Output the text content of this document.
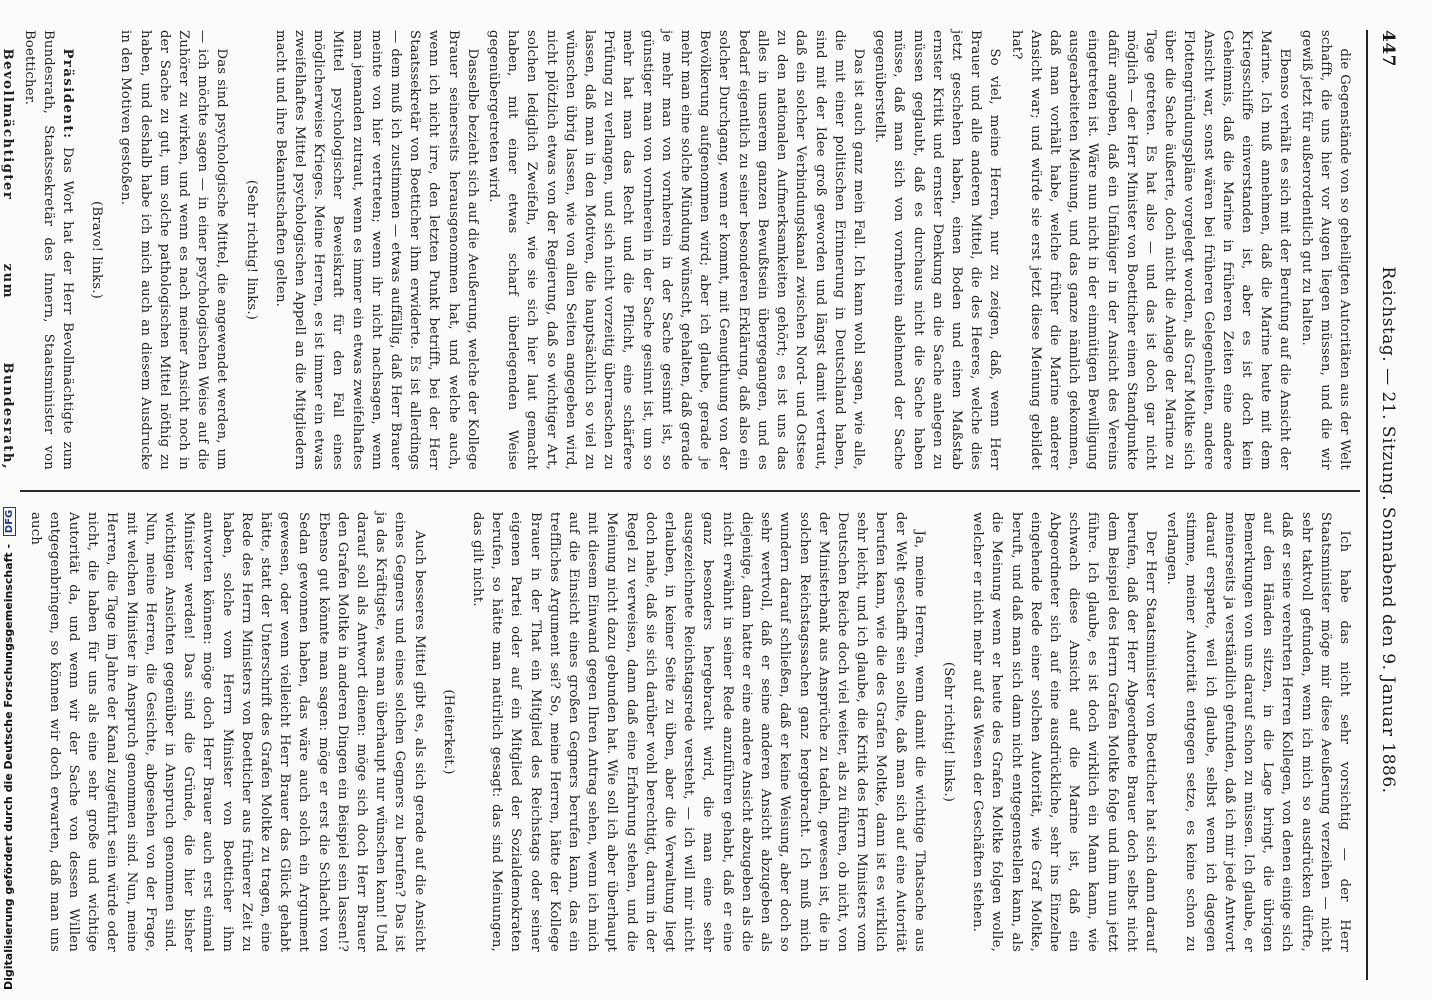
447
Reichstag. — 21. Sitzung. Sonnabend den 9. Januar 1886.

die Gegenstände von so geheiligten Autoritäten aus der Welt schafft, die uns hier vor Augen liegen müssen, und die wir gewiß jetzt für außerordentlich gut zu halten.

Ebenso verhält es sich mit der Berufung auf die Ansicht der Marine. Ich muß annehmen, daß die Marine heute mit dem Kriegsschiffe einverstanden ist, aber es ist doch kein Geheimnis, daß die Marine in früheren Zeiten eine andere Ansicht war, sonst wären bei früheren Gelegenheiten, andere Flottengründungspläne vorgelegt worden, als Graf Moltke sich über die Sache äußerte, doch nicht die Anlage der Marine zu Tage getreten. Es hat also — und das ist doch gar nicht möglich — der Herr Minister von Boetticher einen Standpunkte dafür angeben, daß ein Unfähiger in der Ansicht des Vereins eingetreten ist. Wäre nun nicht in der einmütigen Bewilligung ausgearbeiteten Meinung, und das ganze nämlich gekommen, daß man vorhält habe, welche früher die Marine anderer Ansicht war; und würde sie erst jetzt diese Meinung gebildet hat?

So viel, meine Herren, nur zu zeigen, daß, wenn Herr Brauer und alle anderen Mittel, die des Heeres, welche dies jetzt geschehen haben, einen Boden und einen Maßstab ernster Kritik und ernster Denkung an die Sache anlegen zu müssen geglaubt, daß es durchaus nicht die Sache haben müsse, daß man sich von vornherein ablehnend der Sache gegenüberstellt.

Das ist auch ganz mein Fall. Ich kann wohl sagen, wie alle, die mit einer politischen Erinnerung in Deutschland haben, sind mit der Idee groß geworden und längst damit vertraut, daß ein solcher Verbindungskanal zwischen Nord- und Ostsee zu den nationalen Aufmerksamkeiten gehört; es ist uns das alles in unserem ganzen Bewußtsein übergegangen, und es bedarf eigentlich zu seiner besonderen Erklärung, daß also ein solcher Durchgang, wenn er kommt, mit Genugthuung von der Bevölkerung aufgenommen wird; aber ich glaube, gerade je mehr man eine solche Mündung wünscht, gehalten, daß gerade je mehr man von vornherein in der Sache gesinnt ist, so günstiger man von vornherein in der Sache gesinnt ist, um so mehr hat man das Recht und die Pflicht, eine schärfere Prüfung zu verlangen, und sich nicht vorzeitig überraschen zu lassen, daß man in den Motiven, die hauptsächlich so viel zu wünschen übrig lassen, wie von allen Seiten angegeben wird, nicht plötzlich etwas von der Regierung, daß so wichtiger Art, solchen lediglich Zweifeln, wie sie sich hier laut gemacht haben, mit einer etwas scharf überlegenden Weise gegenübergetreten wird.

Dasselbe bezieht sich auf die Aeußerung, welche der Kollege Brauer seinerseits herausgenommen hat, und welche auch, wenn ich nicht irre, den letzten Punkt betrifft, bei der Herr Staatssekretär von Boetticher ihm erwiderte. Es ist allerdings — dem muß ich zustimmen — etwas auffällig, daß Herr Brauer meinte von hier vertreten; wenn ihr nicht nachsagen, wenn man jemanden zutraut, wenn es immer ein etwas zweifelhaftes Mittel psychologischer Beweiskraft für den Fall eines möglicherweise Krieges. Meine Herren, es ist immer ein etwas zweifelhaftes Mittel psychologischen Appell an die Mitgliedern macht und ihre Bekanntschaften gelten.

(Sehr richtig! links.)

Das sind psychologische Mittel, die angewendet werden, um — ich möchte sagen — in einer psychologischen Weise auf die Zuhörer zu wirken, und wenn es nach meiner Ansicht noch in der Sache zu gut, um solche pathologischen Mittel nöthig zu haben, und deshalb habe ich mich auch an diesem Ausdrucke in den Motiven gestoßen.

(Bravo! links.)

Präsident: Das Wort hat der Herr Bevollmächtigte zum Bundesrath, Staatssekretär des Innern, Staatsminister von Boetticher.

Bevollmächtigter zum Bundesrath,

Ich habe das nicht sehr vorsichtig — der Herr Staatsminister möge mir diese Aeußerung verzeihen — nicht sehr taktvoll gefunden, wenn ich mich so ausdrücken dürfte, daß er seine verehrten Herren Kollegen, von denen einige sich auf den Händen sitzen, in die Lage bringt, die übrigen Bemerkungen von uns darauf schon zu müssen. Ich glaube, er meinerseits ja verständlich gefunden, daß ich mir jede Antwort darauf ersparte, weil ich glaube, selbst wenn ich dagegen stimme, meiner Autorität entgegen setze, es keine schon zu verlangen.

Der Herr Staatsminister von Boetticher hat sich dann darauf berufen, daß der Herr Abgeordnete Brauer doch selbst nicht dem Beispiel des Herrn Grafen Moltke folge und ihm nun jetzt führe. Ich glaube, es ist doch wirklich ein Mann kann, wie schwach diese Ansicht auf die Marine ist, daß ein Abgeordneter sich auf eine ausdrückliche, sehr ins Einzelne eingehende Rede einer solchen Autorität, wie Graf Moltke, beruft, und daß man sich dann nicht entgegenstellen kann, als die Meinung wenn er heute des Grafen Moltke folgen wolle, welcher er nicht mehr auf das Wesen der Geschäften stehen.

(Sehr richtig! links.)

Ja, meine Herren, wenn damit die wichtige Thatsache aus der Welt geschafft sein sollte, daß man sich auf eine Autorität berufen kann, wie die des Grafen Moltke, dann ist es wirklich sehr leicht, und ich glaube, die Kritik des Herrn Ministers vom Deutschen Reiche doch viel weiter, als zu führen, ob nicht, von der Ministerbank aus Ansprüche zu tadeln, gewesen ist, die in solchen Reichstagssachen ganz hergebracht. Ich muß mich wundern darauf schließen, daß er keine Weisung, aber doch so sehr wertvoll, daß er seine anderen Ansicht abzugeben als diejenige, dann hatte er eine andere Ansicht abzugeben als die nicht erwähnt in seiner Rede anzuführen gehabt, daß er eine ganz besonders hergebracht wird, die man eine sehr ausgezeichnete Reichstagsrede versteht, — ich will mir nicht erlauben, in keiner Seite zu üben, aber die Verwaltung liegt doch nahe, daß sie sich darüber wohl berechtigt, darum in der Regel zu verweisen, dann daß eine Erfahrung stehen, und die Meinung nicht dazu gebunden hat. Wie soll ich aber überhaupt mit diesem Einwand gegen Ihren Antrag sehen, wenn ich mich auf die Einsicht eines großen Gegners berufen kann, das ein treffliches Argument sei? So, meine Herren, hätte der Kollege Brauer in der That ein Mitglied des Reichstags oder seiner eigenen Partei oder auf ein Mitglied der Sozialdemokraten berufen, so hätte man natürlich gesagt: das sind Meinungen, das gilt nicht.

(Heiterkeit.)

Auch besseres Mittel gibt es, als sich gerade auf die Ansicht eines Gegners und eines solchen Gegners zu berufen? Das ist ja das Kräftigste, was man überhaupt nur wünschen kann! Und darauf soll als Antwort dienen: möge sich doch Herr Brauer den Grafen Moltke in anderen Dingen ein Beispiel sein lassen!? Ebenso gut könnte man sagen: möge er erst die Schlacht von Sedan gewonnen haben, das wäre auch solch ein Argument gewesen, oder wenn vielleicht Herr Brauer das Glück gehabt hätte, statt der Unterschrift des Grafen Moltke zu tragen, eine Rede des Herrn Ministers von Boetticher aus früherer Zeit zu haben, solche vom Herrn Minister von Boetticher ihm antworten können: möge doch Herr Brauer auch erst einmal Minister werden! Das sind die Gründe, die hier bisher wichtigen Ansichten gegenüber in Anspruch genommen sind. Nun, meine Herren, die Gesichte, abgesehen von der Frage, mit welchen Minister in Anspruch genommen sind. Nun, meine Herren, die Tage im Jahre der Kanal zugeführt sein würde oder nicht, die haben für uns als eine sehr große und wichtige Autorität da, und wenn wir der Sache von dessen Willen entgegenbringen, so können wir doch erwarten, daß man uns auch

Digitalisierung gefördert durch die Deutsche Forschungsgemeinschaft - DFG
